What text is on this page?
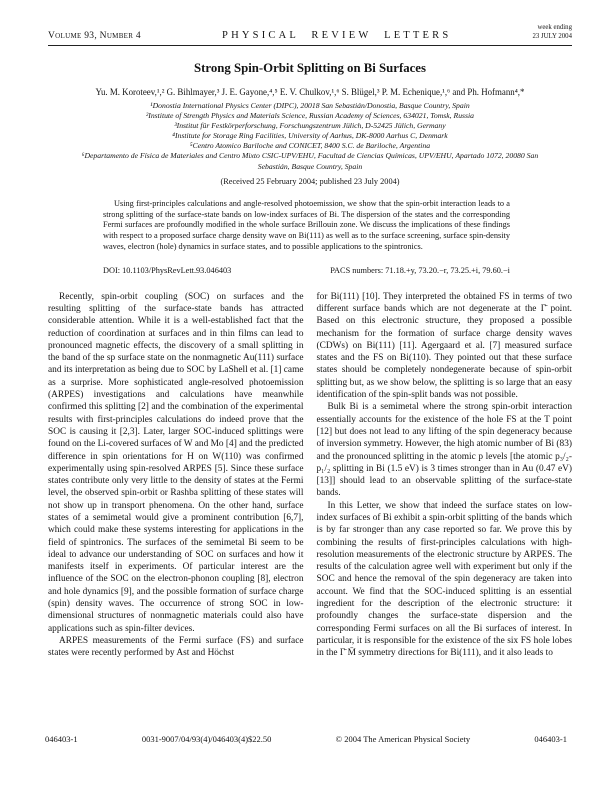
Volume 93, Number 4	PHYSICAL REVIEW LETTERS
week ending
23 JULY 2004
Strong Spin-Orbit Splitting on Bi Surfaces
Yu. M. Koroteev,¹,² G. Bihlmayer,³ J. E. Gayone,⁴,⁵ E. V. Chulkov,¹,⁶ S. Blügel,³ P. M. Echenique,¹,⁶ and Ph. Hofmann⁴,*
¹Donostia International Physics Center (DIPC), 20018 San Sebastián/Donostia, Basque Country, Spain
²Institute of Strength Physics and Materials Science, Russian Academy of Sciences, 634021, Tomsk, Russia
³Institut für Festkörperforschung, Forschungszentrum Jülich, D-52425 Jülich, Germany
⁴Institute for Storage Ring Facilities, University of Aarhus, DK-8000 Aarhus C, Denmark
⁵Centro Atomico Bariloche and CONICET, 8400 S.C. de Bariloche, Argentina
⁶Departamento de Física de Materiales and Centro Mixto CSIC-UPV/EHU, Facultad de Ciencias Químicas, UPV/EHU, Apartado 1072, 20080 San Sebastián, Basque Country, Spain
(Received 25 February 2004; published 23 July 2004)
Using first-principles calculations and angle-resolved photoemission, we show that the spin-orbit interaction leads to a strong splitting of the surface-state bands on low-index surfaces of Bi. The dispersion of the states and the corresponding Fermi surfaces are profoundly modified in the whole surface Brillouin zone. We discuss the implications of these findings with respect to a proposed surface charge density wave on Bi(111) as well as to the surface screening, surface spin-density waves, electron (hole) dynamics in surface states, and to possible applications to the spintronics.
DOI: 10.1103/PhysRevLett.93.046403	PACS numbers: 71.18.+y, 73.20.−r, 73.25.+i, 79.60.−i

Recently, spin-orbit coupling (SOC) on surfaces and the resulting splitting of the surface-state bands has attracted considerable attention. While it is a well-established fact that the reduction of coordination at surfaces and in thin films can lead to pronounced magnetic effects, the discovery of a small splitting in the band of the sp surface state on the nonmagnetic Au(111) surface and its interpretation as being due to SOC by LaShell et al. [1] came as a surprise. More sophisticated angle-resolved photoemission (ARPES) investigations and calculations have meanwhile confirmed this splitting [2] and the combination of the experimental results with first-principles calculations do indeed prove that the SOC is causing it [2,3]. Later, larger SOC-induced splittings were found on the Li-covered surfaces of W and Mo [4] and the predicted difference in spin orientations for H on W(110) was confirmed experimentally using spin-resolved ARPES [5]. Since these surface states contribute only very little to the density of states at the Fermi level, the observed spin-orbit or Rashba splitting of these states will not show up in transport phenomena. On the other hand, surface states of a semimetal would give a prominent contribution [6,7], which could make these systems interesting for applications in the field of spintronics. The surfaces of the semimetal Bi seem to be ideal to advance our understanding of SOC on surfaces and how it manifests itself in experiments. Of particular interest are the influence of the SOC on the electron-phonon coupling [8], electron and hole dynamics [9], and the possible formation of surface charge (spin) density waves. The occurrence of strong SOC in low-dimensional structures of nonmagnetic materials could also have applications such as spin-filter devices.

ARPES measurements of the Fermi surface (FS) and surface states were recently performed by Ast and Höchst

for Bi(111) [10]. They interpreted the obtained FS in terms of two different surface bands which are not degenerate at the Γ̄ point. Based on this electronic structure, they proposed a possible mechanism for the formation of surface charge density waves (CDWs) on Bi(111) [11]. Agergaard et al. [7] measured surface states and the FS on Bi(110). They pointed out that these surface states should be completely nondegenerate because of spin-orbit splitting but, as we show below, the splitting is so large that an easy identification of the spin-split bands was not possible.

Bulk Bi is a semimetal where the strong spin-orbit interaction essentially accounts for the existence of the hole FS at the T point [12] but does not lead to any lifting of the spin degeneracy because of inversion symmetry. However, the high atomic number of Bi (83) and the pronounced splitting in the atomic p levels [the atomic p₃/₂-p₁/₂ splitting in Bi (1.5 eV) is 3 times stronger than in Au (0.47 eV) [13]] should lead to an observable splitting of the surface-state bands.

In this Letter, we show that indeed the surface states on low-index surfaces of Bi exhibit a spin-orbit splitting of the bands which is by far stronger than any case reported so far. We prove this by combining the results of first-principles calculations with high-resolution measurements of the electronic structure by ARPES. The results of the calculation agree well with experiment but only if the SOC and hence the removal of the spin degeneracy are taken into account. We find that the SOC-induced splitting is an essential ingredient for the description of the electronic structure: it profoundly changes the surface-state dispersion and the corresponding Fermi surfaces on all the Bi surfaces of interest. In particular, it is responsible for the existence of the six FS hole lobes in the Γ̄ M̄ symmetry directions for Bi(111), and it also leads to

046403-1	0031-9007/04/93(4)/046403(4)$22.50	© 2004 The American Physical Society	046403-1
